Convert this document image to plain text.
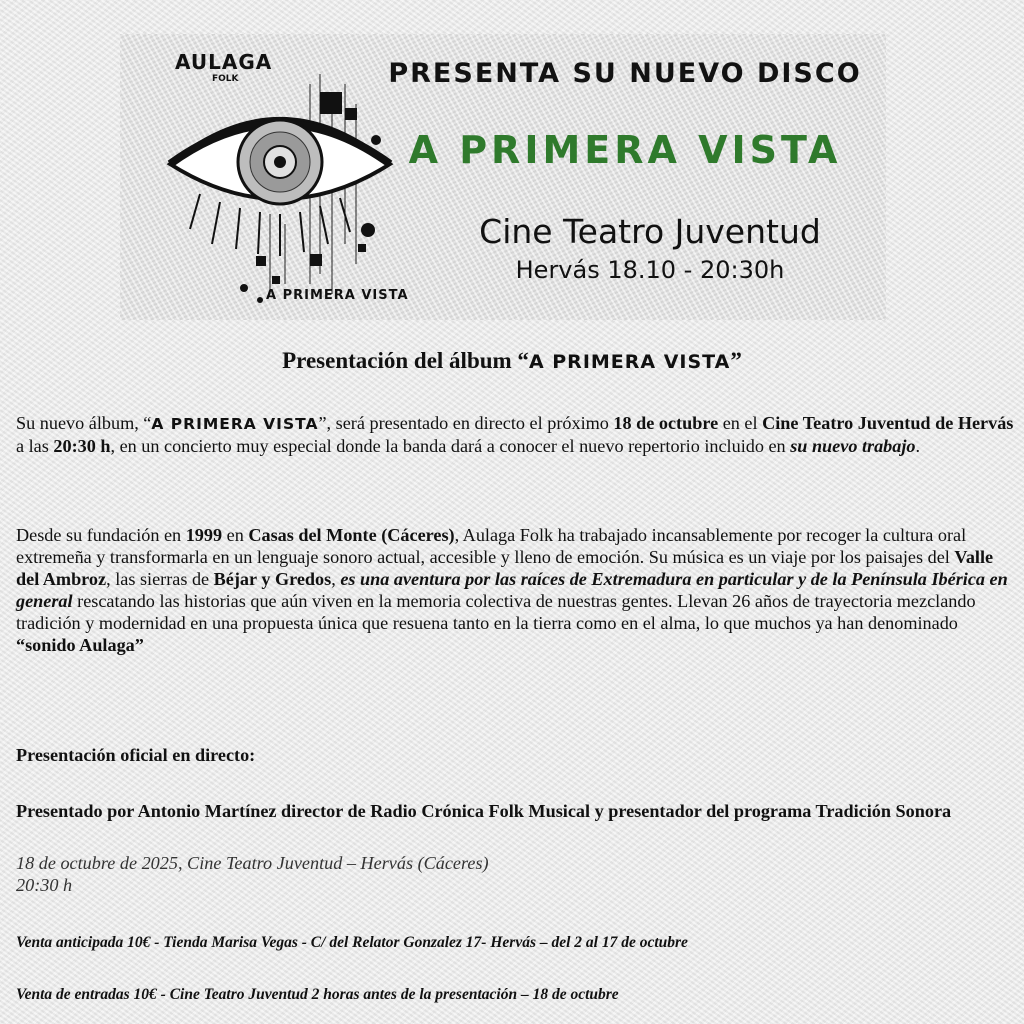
AULAGA
FOLK
A PRIMERA VISTA
PRESENTA SU NUEVO DISCO
A PRIMERA VISTA
Cine Teatro Juventud
Hervás 18.10 - 20:30h
Presentación del álbum “A PRIMERA VISTA”
Su nuevo álbum, “A PRIMERA VISTA”, será presentado en directo el próximo 18 de octubre en el Cine Teatro Juventud de Hervás a las 20:30 h, en un concierto muy especial donde la banda dará a conocer el nuevo repertorio incluido en su nuevo trabajo.
Desde su fundación en 1999 en Casas del Monte (Cáceres), Aulaga Folk ha trabajado incansablemente por recoger la cultura oral extremeña y transformarla en un lenguaje sonoro actual, accesible y lleno de emoción. Su música es un viaje por los paisajes del Valle del Ambroz, las sierras de Béjar y Gredos, es una aventura por las raíces de Extremadura en particular y de la Península Ibérica en general rescatando las historias que aún viven en la memoria colectiva de nuestras gentes. Llevan 26 años de trayectoria mezclando tradición y modernidad en una propuesta única que resuena tanto en la tierra como en el alma, lo que muchos ya han denominado “sonido Aulaga”
Presentación oficial en directo:
Presentado por Antonio Martínez director de Radio Crónica Folk Musical y presentador del programa Tradición Sonora
18 de octubre de 2025, Cine Teatro Juventud – Hervás (Cáceres)
20:30 h
Venta anticipada 10€ - Tienda Marisa Vegas - C/ del Relator Gonzalez 17- Hervás – del 2 al 17 de octubre
Venta de entradas 10€ - Cine Teatro Juventud 2 horas antes de la presentación – 18 de octubre
